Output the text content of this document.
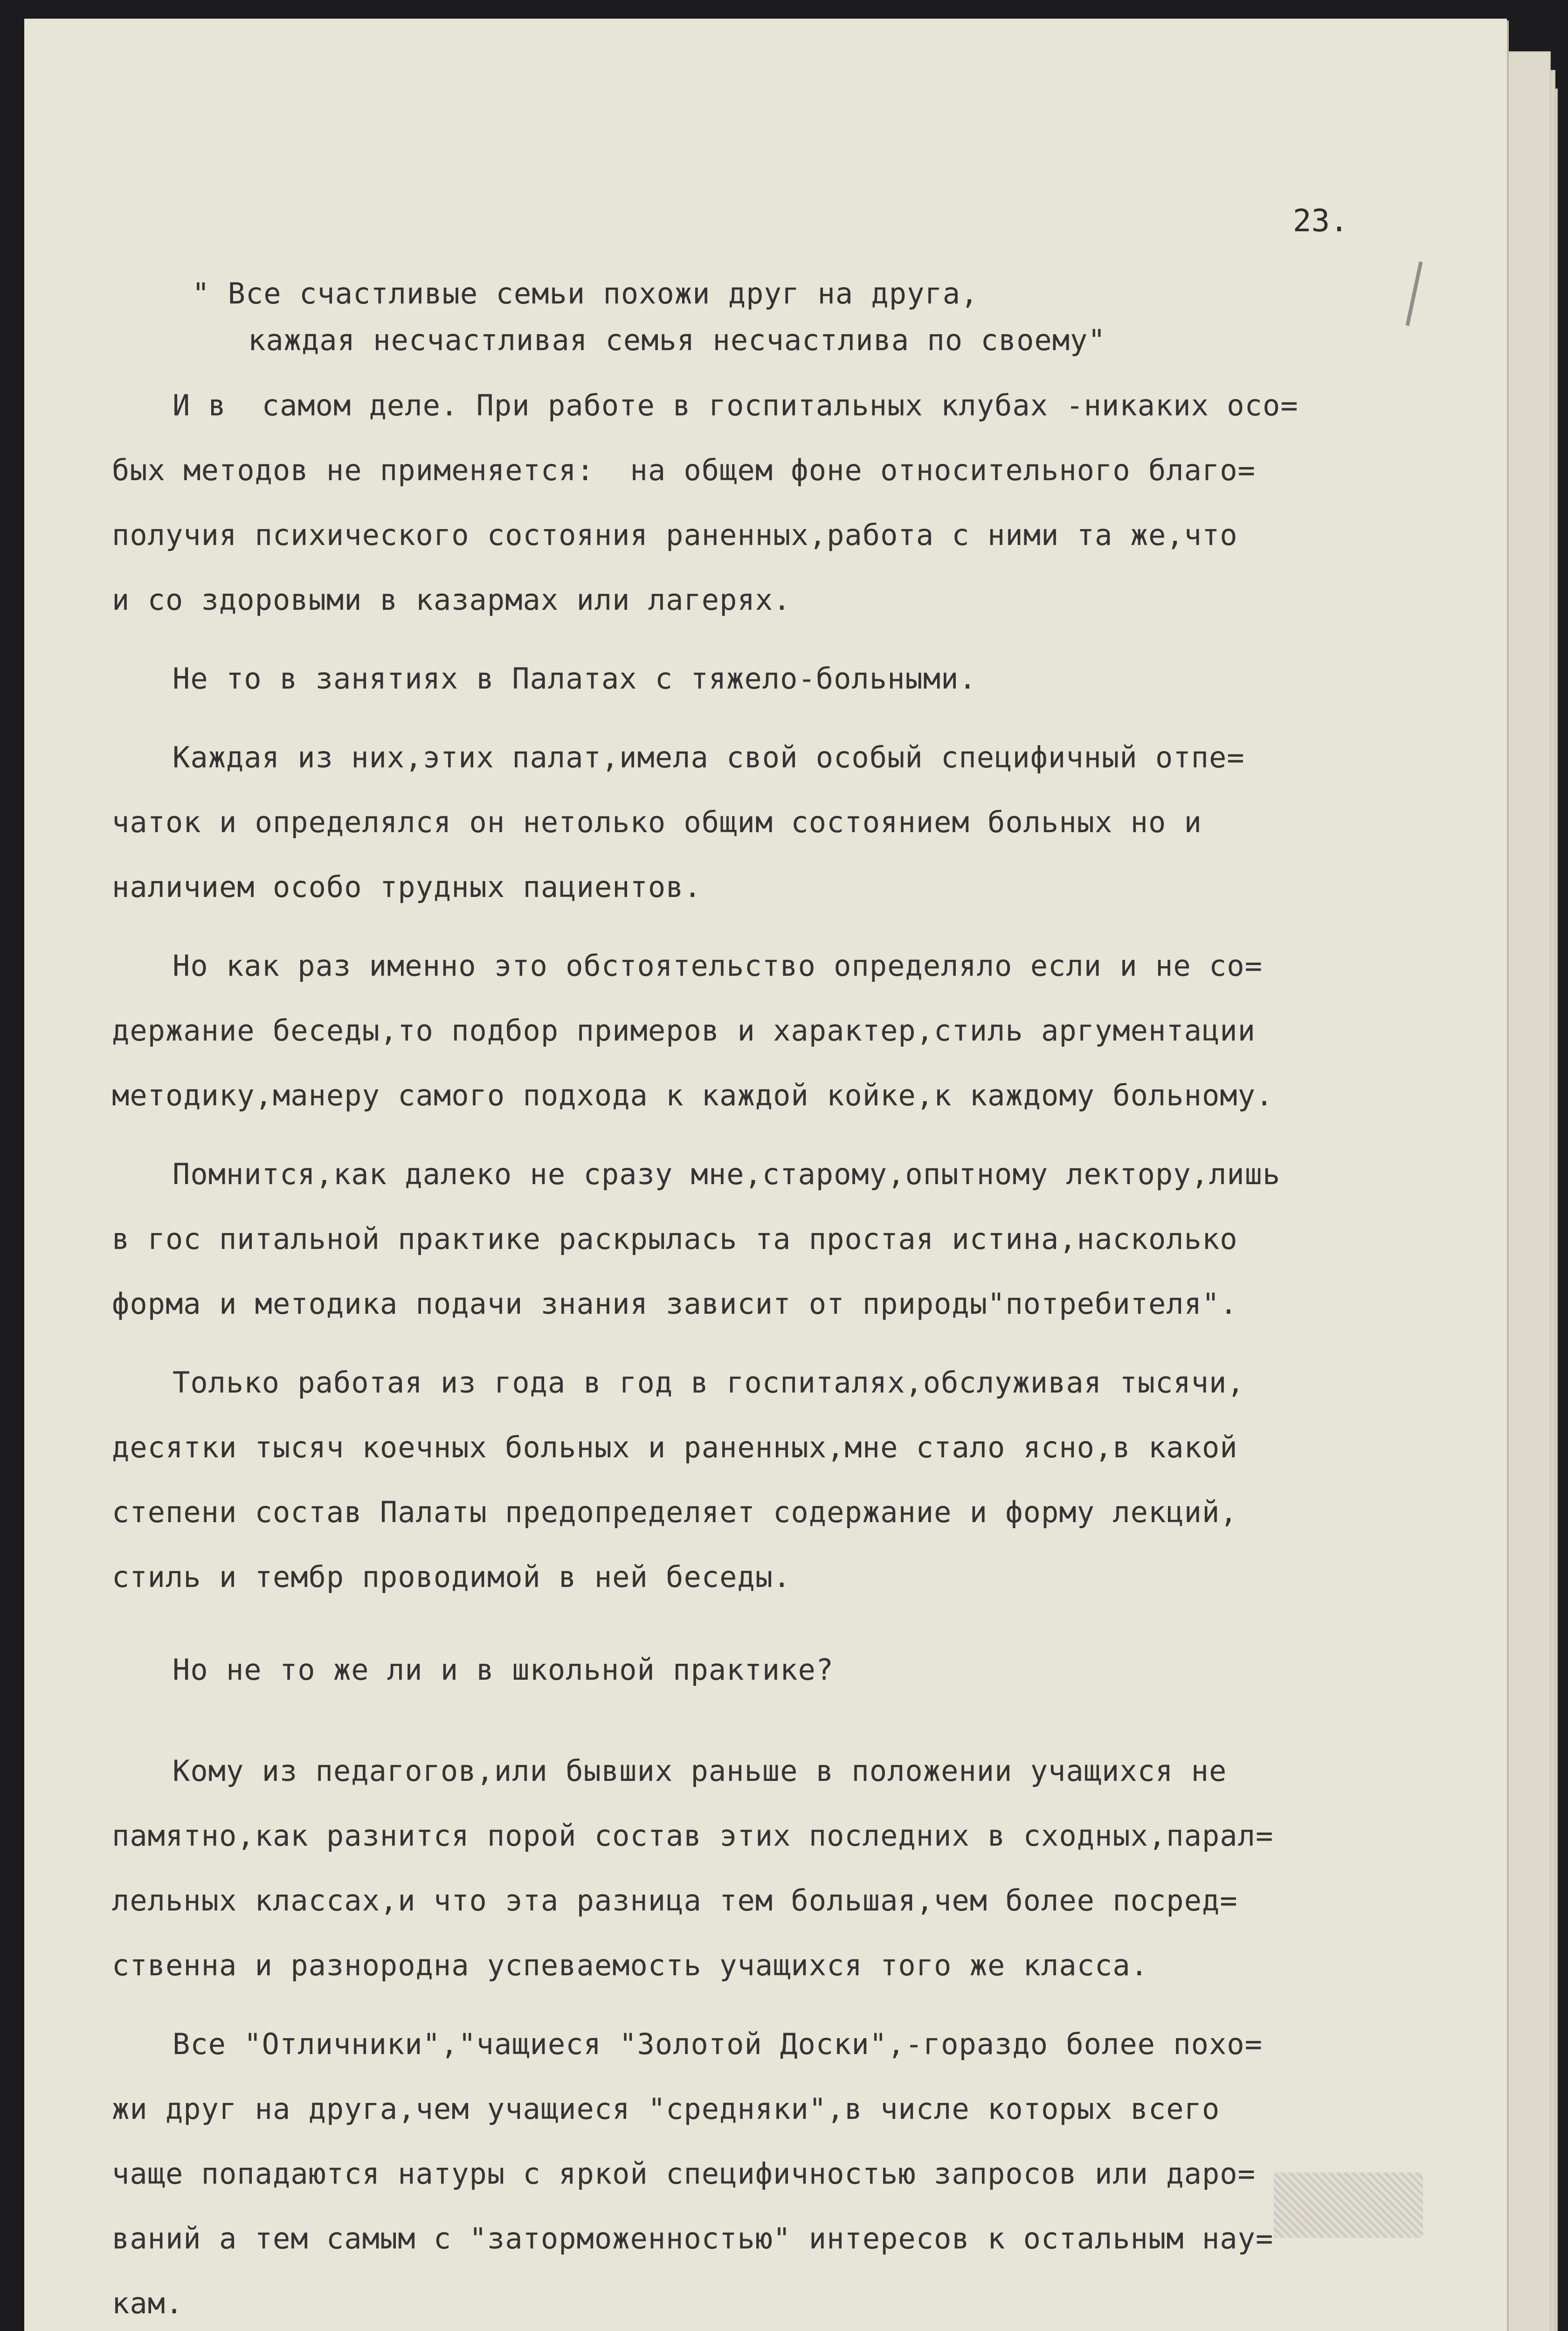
23.
" Все счастливые семьи похожи друг на друга,
каждая несчастливая семья несчастлива по своему"
И в  самом деле. При работе в госпитальных клубах -никаких осо=
бых методов не применяется:  на общем фоне относительного благо=
получия психического состояния раненных,работа с ними та же,что
и со здоровыми в казармах или лагерях.
Не то в занятиях в Палатах с тяжело-больными.
Каждая из них,этих палат,имела свой особый специфичный отпе=
чаток и определялся он нетолько общим состоянием больных но и
наличием особо трудных пациентов.
Но как раз именно это обстоятельство определяло если и не со=
держание беседы,то подбор примеров и характер,стиль аргументации
методику,манеру самого подхода к каждой койке,к каждому больному.
Помнится,как далеко не сразу мне,старому,опытному лектору,лишь
в гос питальной практике раскрылась та простая истина,насколько
форма и методика подачи знания зависит от природы"потребителя".
Только работая из года в год в госпиталях,обслуживая тысячи,
десятки тысяч коечных больных и раненных,мне стало ясно,в какой
степени состав Палаты предопределяет содержание и форму лекций,
стиль и тембр проводимой в ней беседы.
Но не то же ли и в школьной практике?
Кому из педагогов,или бывших раньше в положении учащихся не
памятно,как разнится порой состав этих последних в сходных,парал=
лельных классах,и что эта разница тем большая,чем более посред=
ственна и разнородна успеваемость учащихся того же класса.
Все "Отличники","чащиеся "Золотой Доски",-гораздо более похо=
жи друг на друга,чем учащиеся "средняки",в числе которых всего
чаще попадаются натуры с яркой специфичностью запросов или даро=
ваний а тем самым с "заторможенностью" интересов к остальным нау=
кам.
